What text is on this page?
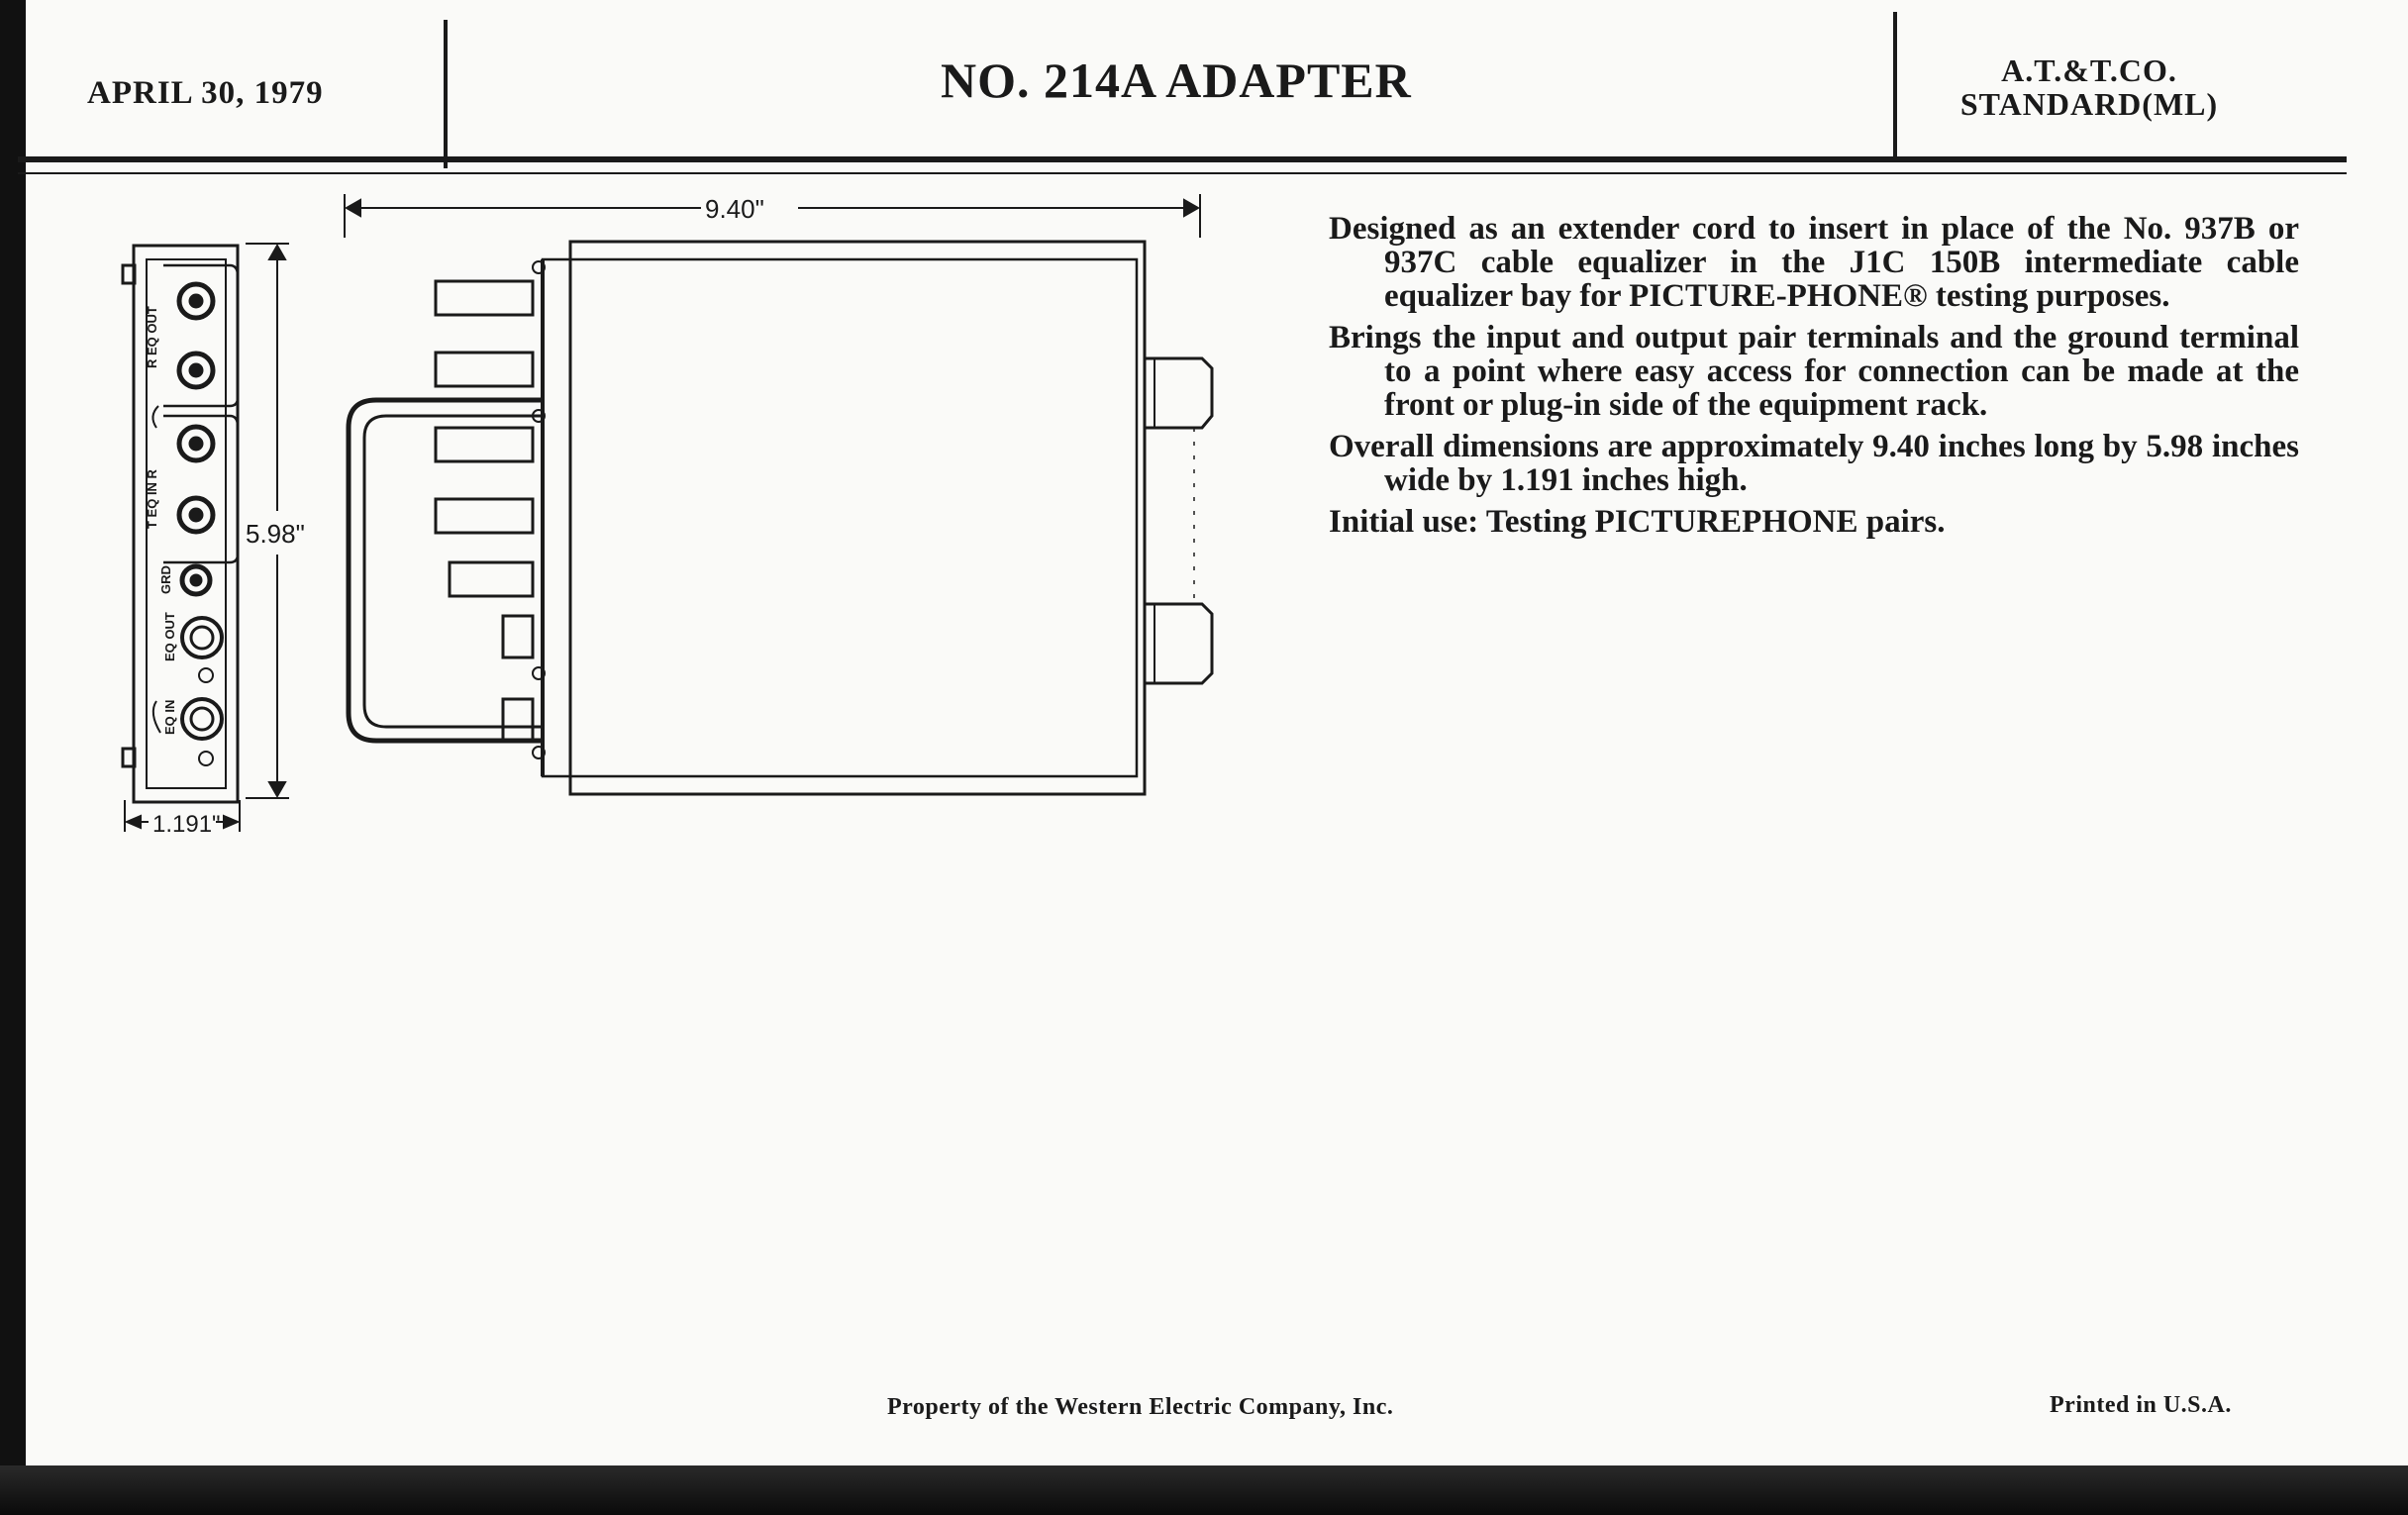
APRIL 30, 1979	NO. 214A ADAPTER	A.T.&T.CO.
STANDARD(ML)
R EQ OUT
T EQ IN R
GRD
EQ OUT
EQ IN
5.98"
1.191"
9.40"

Designed as an extender cord to insert in place of the No. 937B or 937C cable equalizer in the J1C 150B intermediate cable equalizer bay for PICTURE-PHONE® testing purposes.

Brings the input and output pair terminals and the ground terminal to a point where easy access for connection can be made at the front or plug-in side of the equipment rack.

Overall dimensions are approximately 9.40 inches long by 5.98 inches wide by 1.191 inches high.

Initial use: Testing PICTUREPHONE pairs.

Property of the Western Electric Company, Inc.	Printed in U.S.A.
